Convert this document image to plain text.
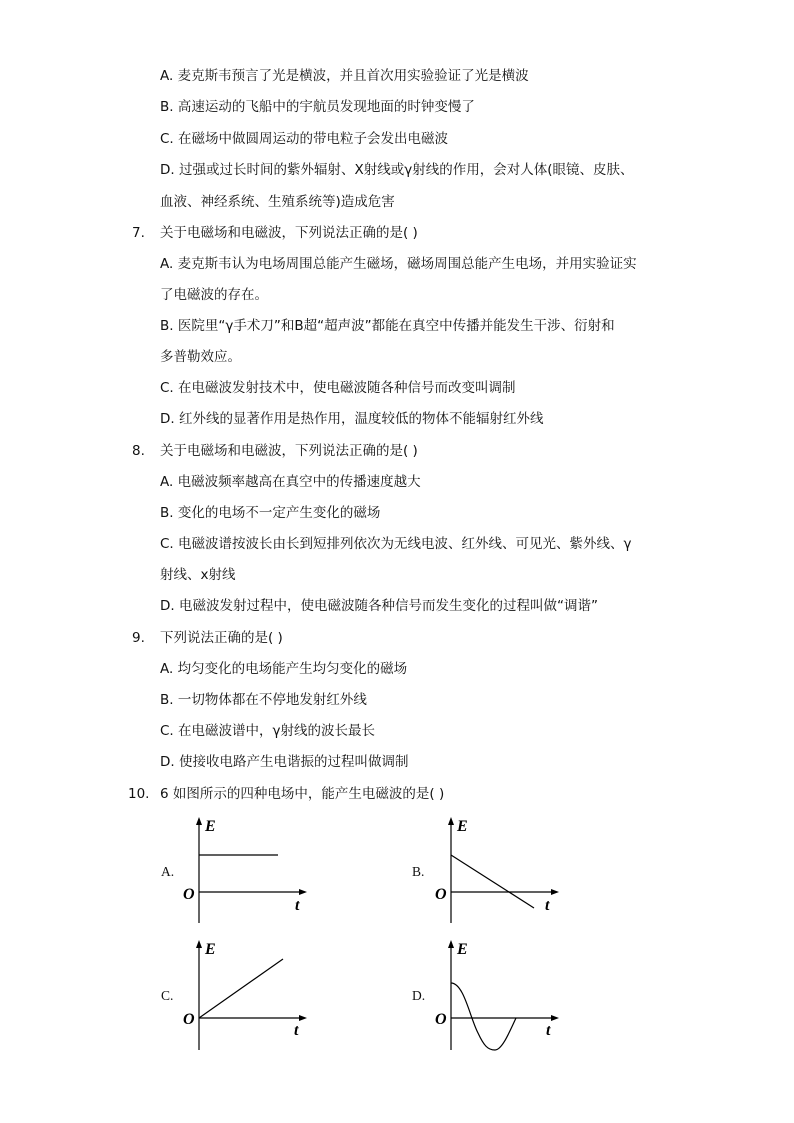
A. 麦克斯韦预言了光是横波，并且首次用实验验证了光是横波
B. 高速运动的飞船中的宇航员发现地面的时钟变慢了
C. 在磁场中做圆周运动的带电粒子会发出电磁波
D. 过强或过长时间的紫外辐射、X射线或γ射线的作用，会对人体(眼镜、皮肤、
血液、神经系统、生殖系统等)造成危害
7. 关于电磁场和电磁波，下列说法正确的是( )
A. 麦克斯韦认为电场周围总能产生磁场，磁场周围总能产生电场，并用实验证实
了电磁波的存在。
B. 医院里“γ手术刀”和B超“超声波”都能在真空中传播并能发生干涉、衍射和
多普勒效应。
C. 在电磁波发射技术中，使电磁波随各种信号而改变叫调制
D. 红外线的显著作用是热作用，温度较低的物体不能辐射红外线
8. 关于电磁场和电磁波，下列说法正确的是( )
A. 电磁波频率越高在真空中的传播速度越大
B. 变化的电场不一定产生变化的磁场
C. 电磁波谱按波长由长到短排列依次为无线电波、红外线、可见光、紫外线、γ
射线、x射线
D. 电磁波发射过程中，使电磁波随各种信号而发生变化的过程叫做“调谐”
9. 下列说法正确的是( )
A. 均匀变化的电场能产生均匀变化的磁场
B. 一切物体都在不停地发射红外线
C. 在电磁波谱中，γ射线的波长最长
D. 使接收电路产生电谐振的过程叫做调制
10. 6 如图所示的四种电场中，能产生电磁波的是( )
A.
E
t
O
B.
E
t
O
C.
E
t
O
D.
E
t
O
